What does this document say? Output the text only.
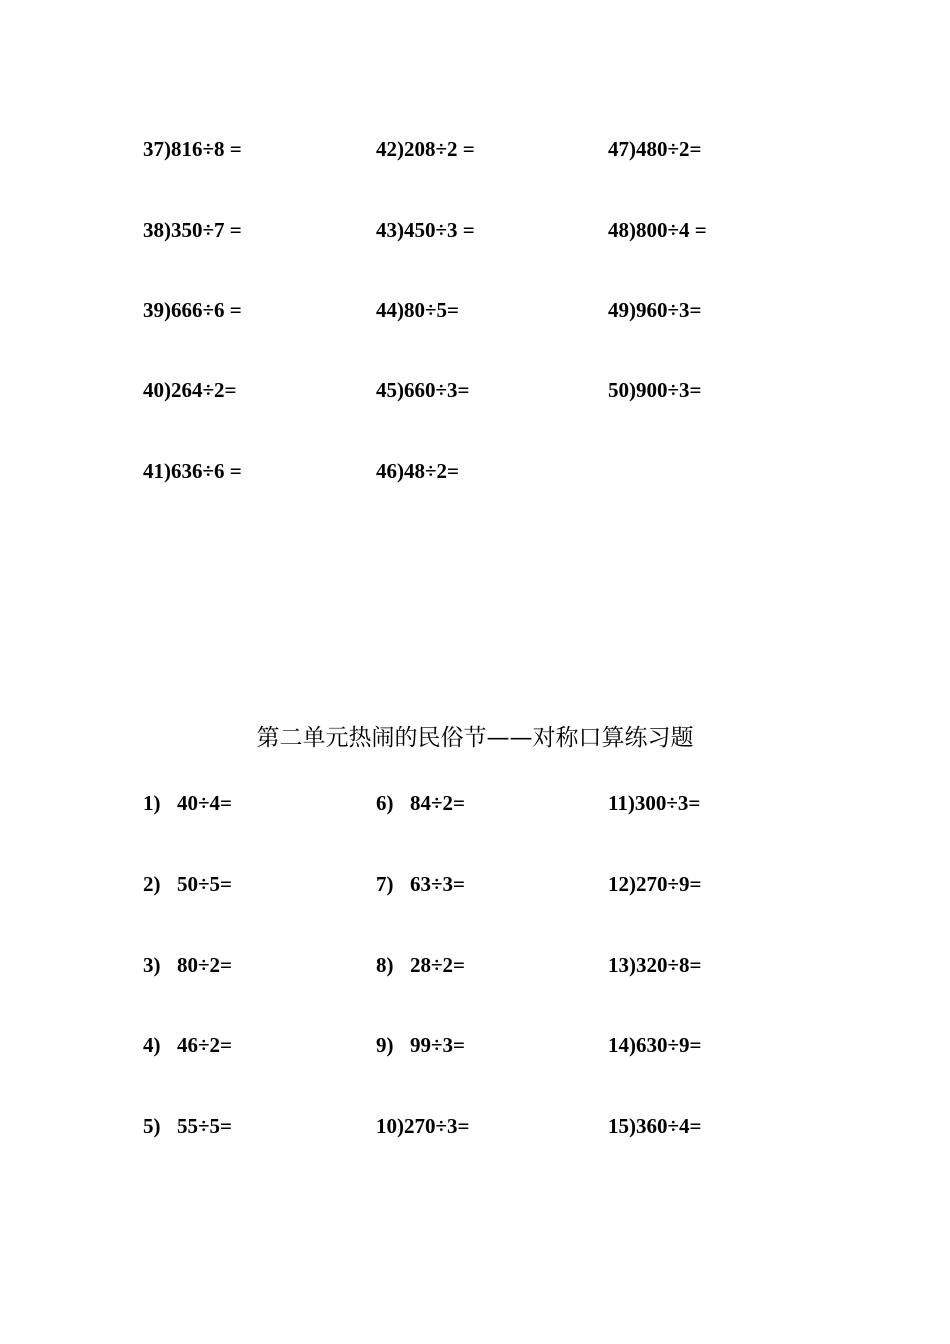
37)816÷8 =	42)208÷2 =	47)480÷2=
38)350÷7 =	43)450÷3 =	48)800÷4 =
39)666÷6 =	44)80÷5=	49)960÷3=
40)264÷2=	45)660÷3=	50)900÷3=
41)636÷6 =	46)48÷2=
第二单元热闹的民俗节——对称口算练习题
1) 40÷4=	6) 84÷2=	11)300÷3=
2) 50÷5=	7) 63÷3=	12)270÷9=
3) 80÷2=	8) 28÷2=	13)320÷8=
4) 46÷2=	9) 99÷3=	14)630÷9=
5) 55÷5=	10)270÷3=	15)360÷4=
